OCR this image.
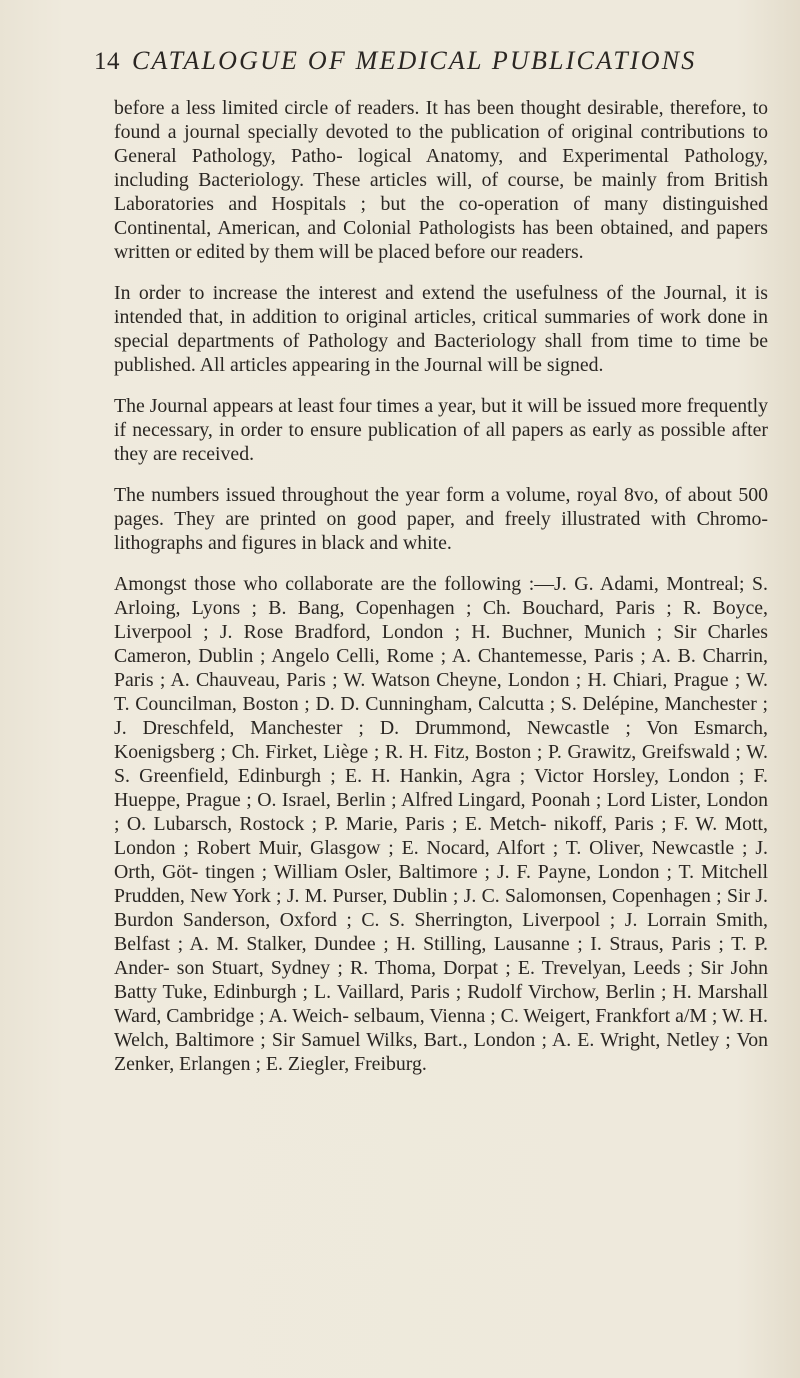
14 CATALOGUE OF MEDICAL PUBLICATIONS

before a less limited circle of readers. It has been thought desirable, therefore, to found a journal specially devoted to the publication of original contributions to General Pathology, Patho- logical Anatomy, and Experimental Pathology, including Bacteriology. These articles will, of course, be mainly from British Laboratories and Hospitals ; but the co-operation of many distinguished Continental, American, and Colonial Pathologists has been obtained, and papers written or edited by them will be placed before our readers.

In order to increase the interest and extend the usefulness of the Journal, it is intended that, in addition to original articles, critical summaries of work done in special departments of Pathology and Bacteriology shall from time to time be published. All articles appearing in the Journal will be signed.

The Journal appears at least four times a year, but it will be issued more frequently if necessary, in order to ensure publication of all papers as early as possible after they are received.

The numbers issued throughout the year form a volume, royal 8vo, of about 500 pages. They are printed on good paper, and freely illustrated with Chromo-lithographs and figures in black and white.

Amongst those who collaborate are the following :—J. G. Adami, Montreal; S. Arloing, Lyons ; B. Bang, Copenhagen ; Ch. Bouchard, Paris ; R. Boyce, Liverpool ; J. Rose Bradford, London ; H. Buchner, Munich ; Sir Charles Cameron, Dublin ; Angelo Celli, Rome ; A. Chantemesse, Paris ; A. B. Charrin, Paris ; A. Chauveau, Paris ; W. Watson Cheyne, London ; H. Chiari, Prague ; W. T. Councilman, Boston ; D. D. Cunningham, Calcutta ; S. Delépine, Manchester ; J. Dreschfeld, Manchester ; D. Drummond, Newcastle ; Von Esmarch, Koenigsberg ; Ch. Firket, Liège ; R. H. Fitz, Boston ; P. Grawitz, Greifswald ; W. S. Greenfield, Edinburgh ; E. H. Hankin, Agra ; Victor Horsley, London ; F. Hueppe, Prague ; O. Israel, Berlin ; Alfred Lingard, Poonah ; Lord Lister, London ; O. Lubarsch, Rostock ; P. Marie, Paris ; E. Metch- nikoff, Paris ; F. W. Mott, London ; Robert Muir, Glasgow ; E. Nocard, Alfort ; T. Oliver, Newcastle ; J. Orth, Göt- tingen ; William Osler, Baltimore ; J. F. Payne, London ; T. Mitchell Prudden, New York ; J. M. Purser, Dublin ; J. C. Salomonsen, Copenhagen ; Sir J. Burdon Sanderson, Oxford ; C. S. Sherrington, Liverpool ; J. Lorrain Smith, Belfast ; A. M. Stalker, Dundee ; H. Stilling, Lausanne ; I. Straus, Paris ; T. P. Ander- son Stuart, Sydney ; R. Thoma, Dorpat ; E. Trevelyan, Leeds ; Sir John Batty Tuke, Edinburgh ; L. Vaillard, Paris ; Rudolf Virchow, Berlin ; H. Marshall Ward, Cambridge ; A. Weich- selbaum, Vienna ; C. Weigert, Frankfort a/M ; W. H. Welch, Baltimore ; Sir Samuel Wilks, Bart., London ; A. E. Wright, Netley ; Von Zenker, Erlangen ; E. Ziegler, Freiburg.
